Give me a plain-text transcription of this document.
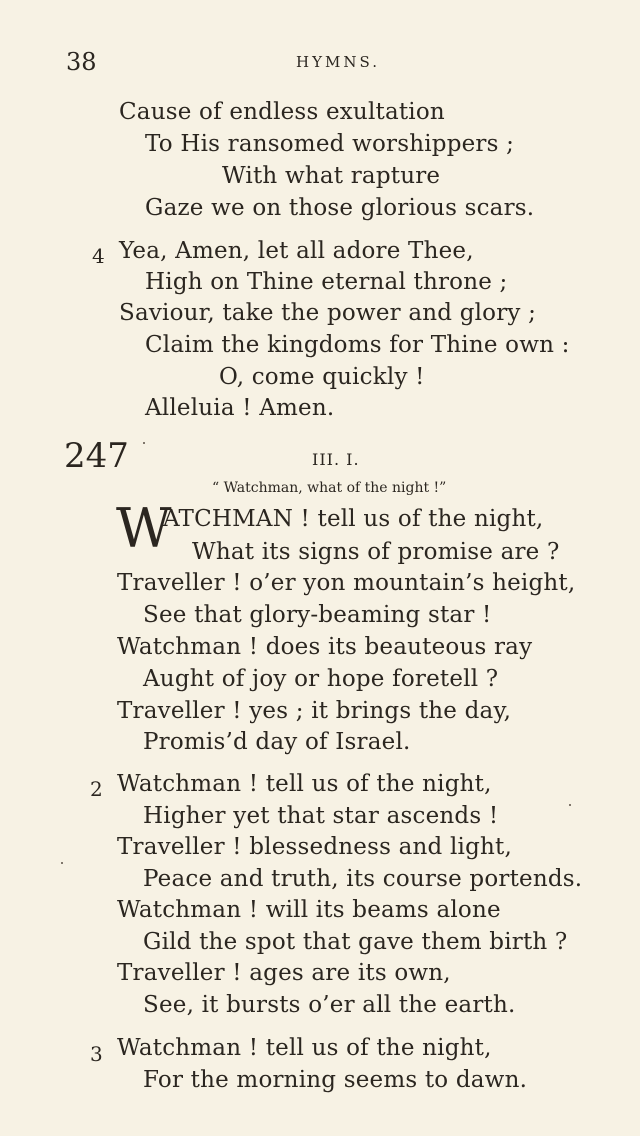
38	HYMNS.
Cause of endless exultation
To His ransomed worshippers ;
With what rapture
Gaze we on those glorious scars.
4 Yea, Amen, let all adore Thee,
High on Thine eternal throne ;
Saviour, take the power and glory ;
Claim the kingdoms for Thine own :
O, come quickly !
Alleluia ! Amen.
247	III. I.
“ Watchman, what of the night !”
W
ATCHMAN ! tell us of the night,
What its signs of promise are ?
Traveller ! o’er yon mountain’s height,
See that glory-beaming star !
Watchman ! does its beauteous ray
Aught of joy or hope foretell ?
Traveller ! yes ; it brings the day,
Promis’d day of Israel.
2 Watchman ! tell us of the night,
Higher yet that star ascends !
Traveller ! blessedness and light,
Peace and truth, its course portends.
Watchman ! will its beams alone
Gild the spot that gave them birth ?
Traveller ! ages are its own,
See, it bursts o’er all the earth.
3 Watchman ! tell us of the night,
For the morning seems to dawn.
